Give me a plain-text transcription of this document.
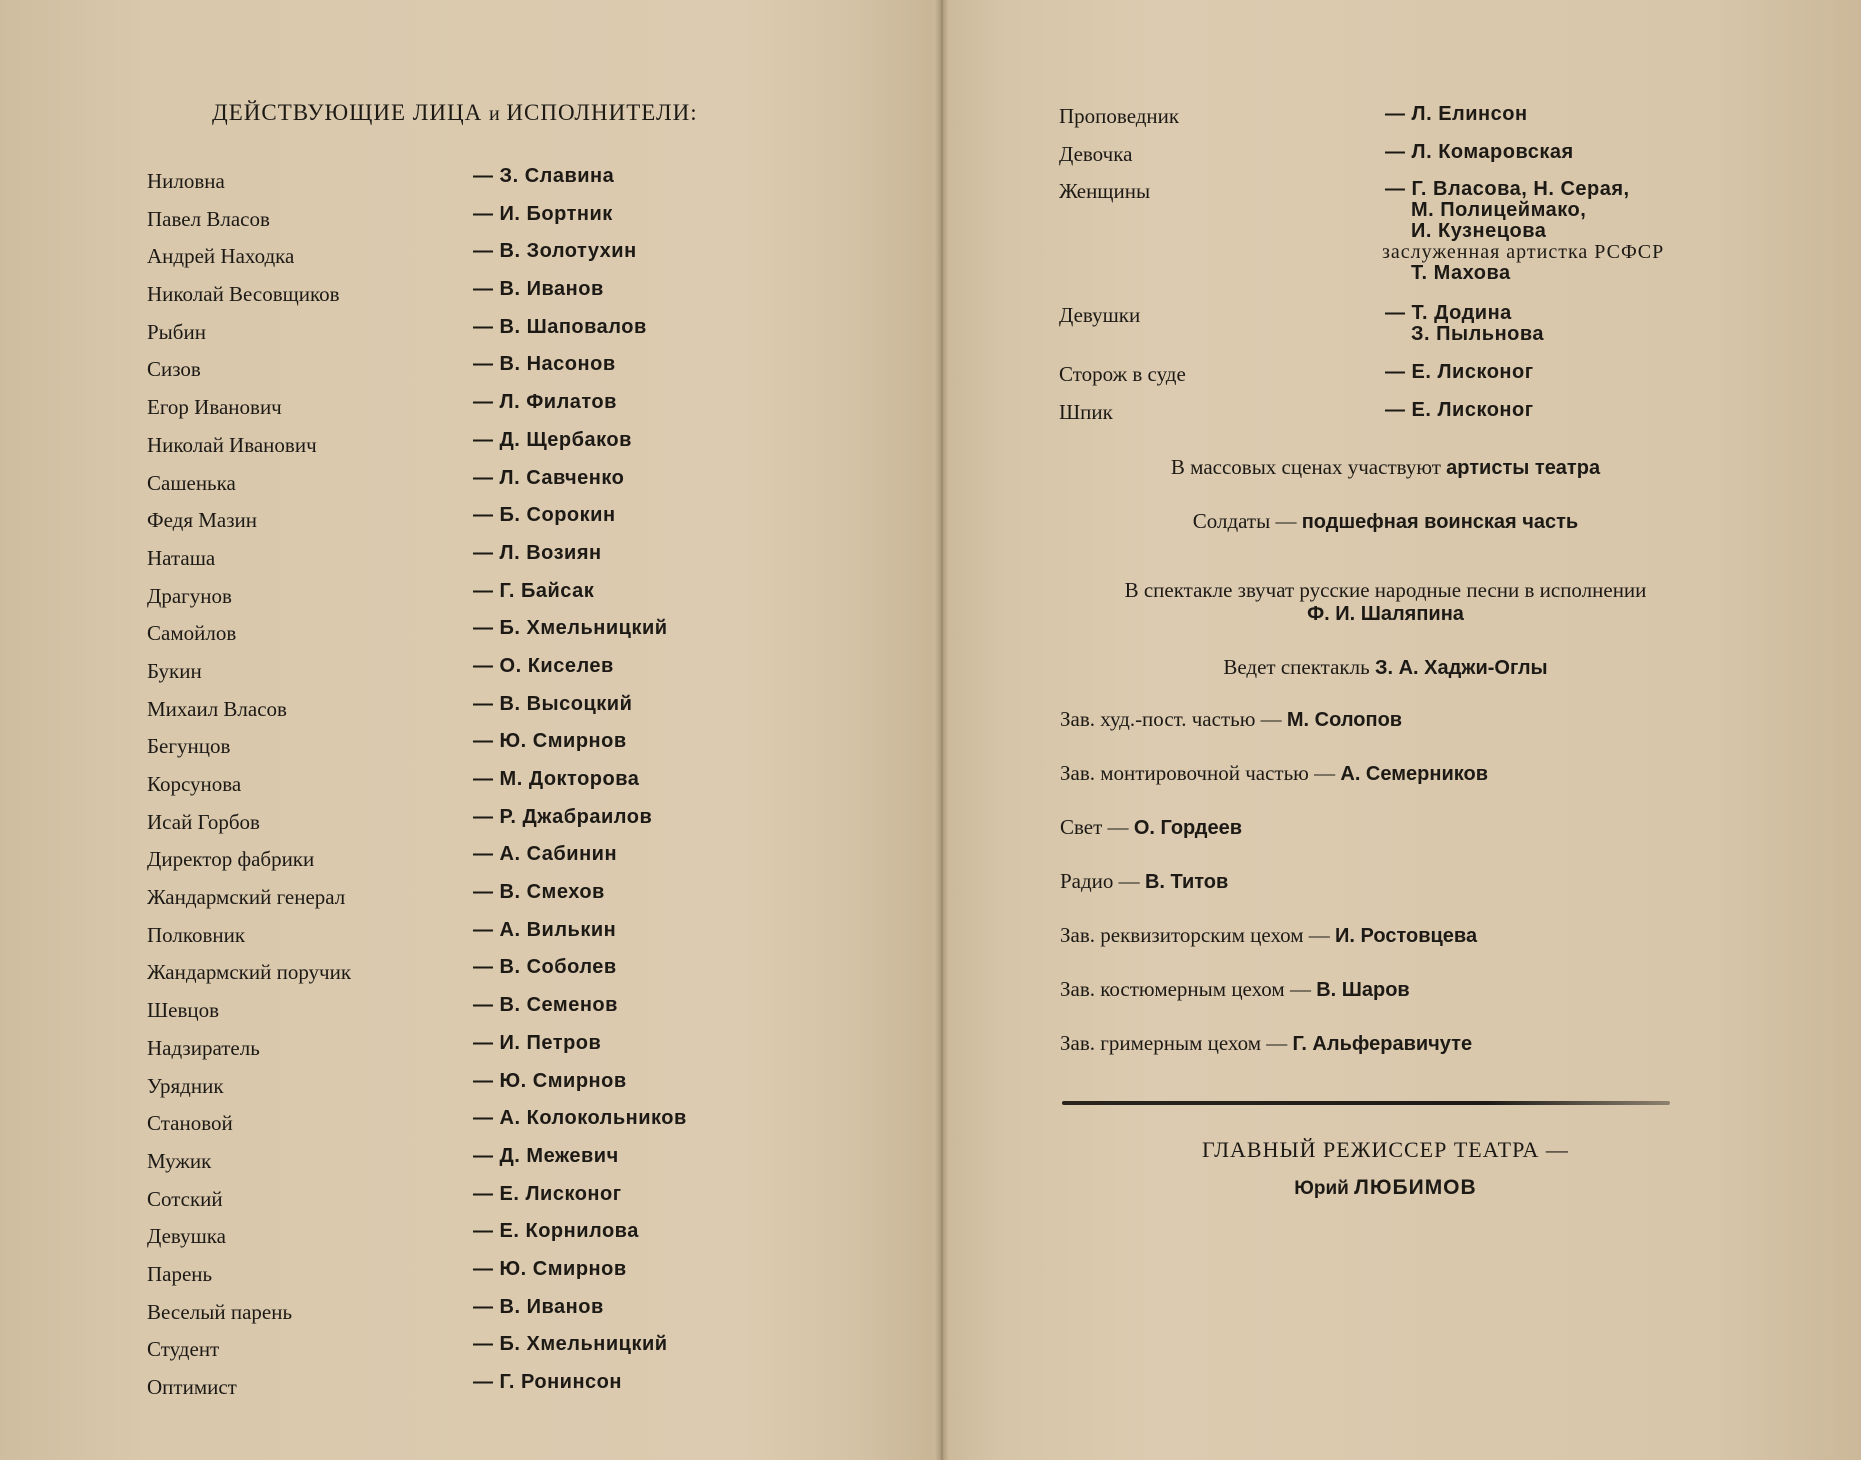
ДЕЙСТВУЮЩИЕ ЛИЦА и ИСПОЛНИТЕЛИ:
Ниловна	— З. Славина
Павел Власов	— И. Бортник
Андрей Находка	— В. Золотухин
Николай Весовщиков	— В. Иванов
Рыбин	— В. Шаповалов
Сизов	— В. Насонов
Егор Иванович	— Л. Филатов
Николай Иванович	— Д. Щербаков
Сашенька	— Л. Савченко
Федя Мазин	— Б. Сорокин
Наташа	— Л. Возиян
Драгунов	— Г. Байсак
Самойлов	— Б. Хмельницкий
Букин	— О. Киселев
Михаил Власов	— В. Высоцкий
Бегунцов	— Ю. Смирнов
Корсунова	— М. Докторова
Исай Горбов	— Р. Джабраилов
Директор фабрики	— А. Сабинин
Жандармский генерал	— В. Смехов
Полковник	— А. Вилькин
Жандармский поручик	— В. Соболев
Шевцов	— В. Семенов
Надзиратель	— И. Петров
Урядник	— Ю. Смирнов
Становой	— А. Колокольников
Мужик	— Д. Межевич
Сотский	— Е. Лисконог
Девушка	— Е. Корнилова
Парень	— Ю. Смирнов
Веселый парень	— В. Иванов
Студент	— Б. Хмельницкий
Оптимист	— Г. Ронинсон
Проповедник	— Л. Елинсон
Девочка	— Л. Комаровская
Женщины	— Г. Власова, Н. Серая,
М. Полицеймако,
И. Кузнецова
заслуженная артистка РСФСР
Т. Махова
Девушки	— Т. Додина
З. Пыльнова
Сторож в суде	— Е. Лисконог
Шпик	— Е. Лисконог
В массовых сценах участвуют артисты театра
Солдаты — подшефная воинская часть
В спектакле звучат русские народные песни в исполнении
Ф. И. Шаляпина
Ведет спектакль З. А. Хаджи-Оглы
Зав. худ.-пост. частью — М. Солопов
Зав. монтировочной частью — А. Семерников
Свет — О. Гордеев
Радио — В. Титов
Зав. реквизиторским цехом — И. Ростовцева
Зав. костюмерным цехом — В. Шаров
Зав. гримерным цехом — Г. Альферавичуте
ГЛАВНЫЙ РЕЖИССЕР ТЕАТРА —
Юрий ЛЮБИМОВ
